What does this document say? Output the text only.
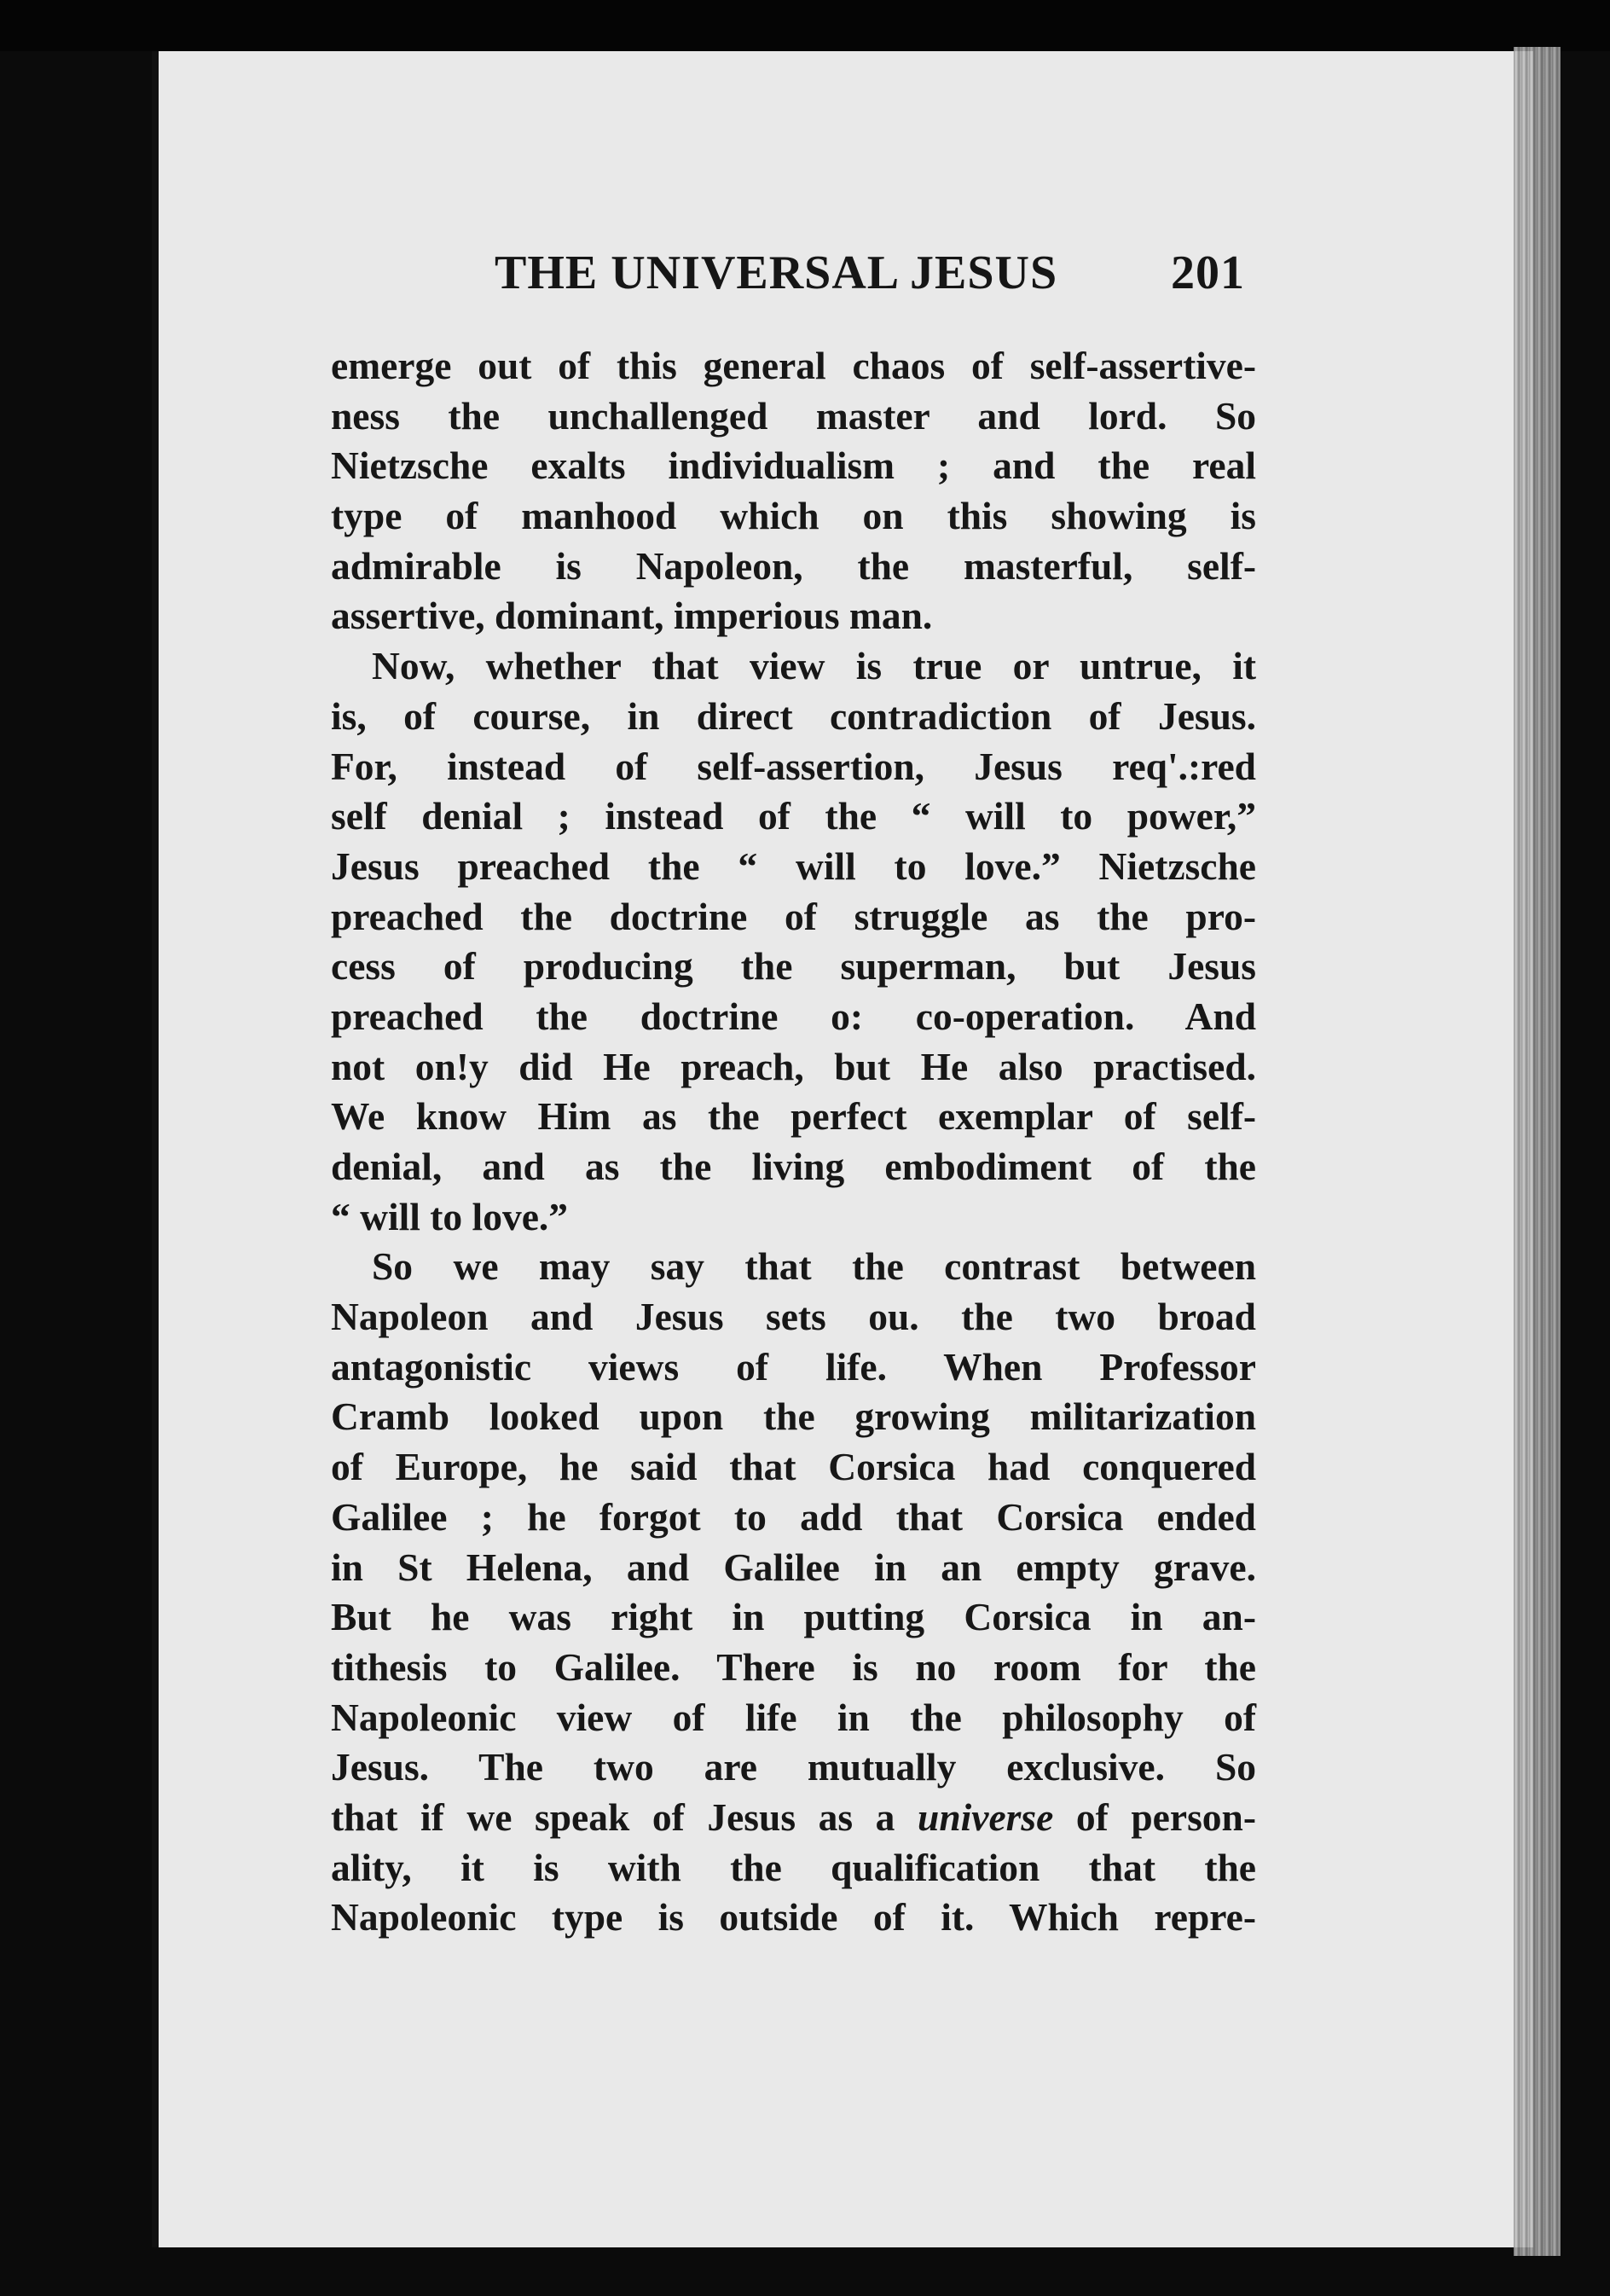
THE UNIVERSAL JESUS 201
emerge out of this general chaos of self-assertive-
ness the unchallenged master and lord. So
Nietzsche exalts individualism ; and the real
type of manhood which on this showing is
admirable is Napoleon, the masterful, self-
assertive, dominant, imperious man.
Now, whether that view is true or untrue, it
is, of course, in direct contradiction of Jesus.
For, instead of self-assertion, Jesus req'.:red
self denial ; instead of the “ will to power,”
Jesus preached the “ will to love.” Nietzsche
preached the doctrine of struggle as the pro-
cess of producing the superman, but Jesus
preached the doctrine o: co-operation. And
not on!y did He preach, but He also practised.
We know Him as the perfect exemplar of self-
denial, and as the living embodiment of the
“ will to love.”
So we may say that the contrast between
Napoleon and Jesus sets ou. the two broad
antagonistic views of life. When Professor
Cramb looked upon the growing militarization
of Europe, he said that Corsica had conquered
Galilee ; he forgot to add that Corsica ended
in St Helena, and Galilee in an empty grave.
But he was right in putting Corsica in an-
tithesis to Galilee. There is no room for the
Napoleonic view of life in the philosophy of
Jesus. The two are mutually exclusive. So
that if we speak of Jesus as a universe of person-
ality, it is with the qualification that the
Napoleonic type is outside of it. Which repre-
